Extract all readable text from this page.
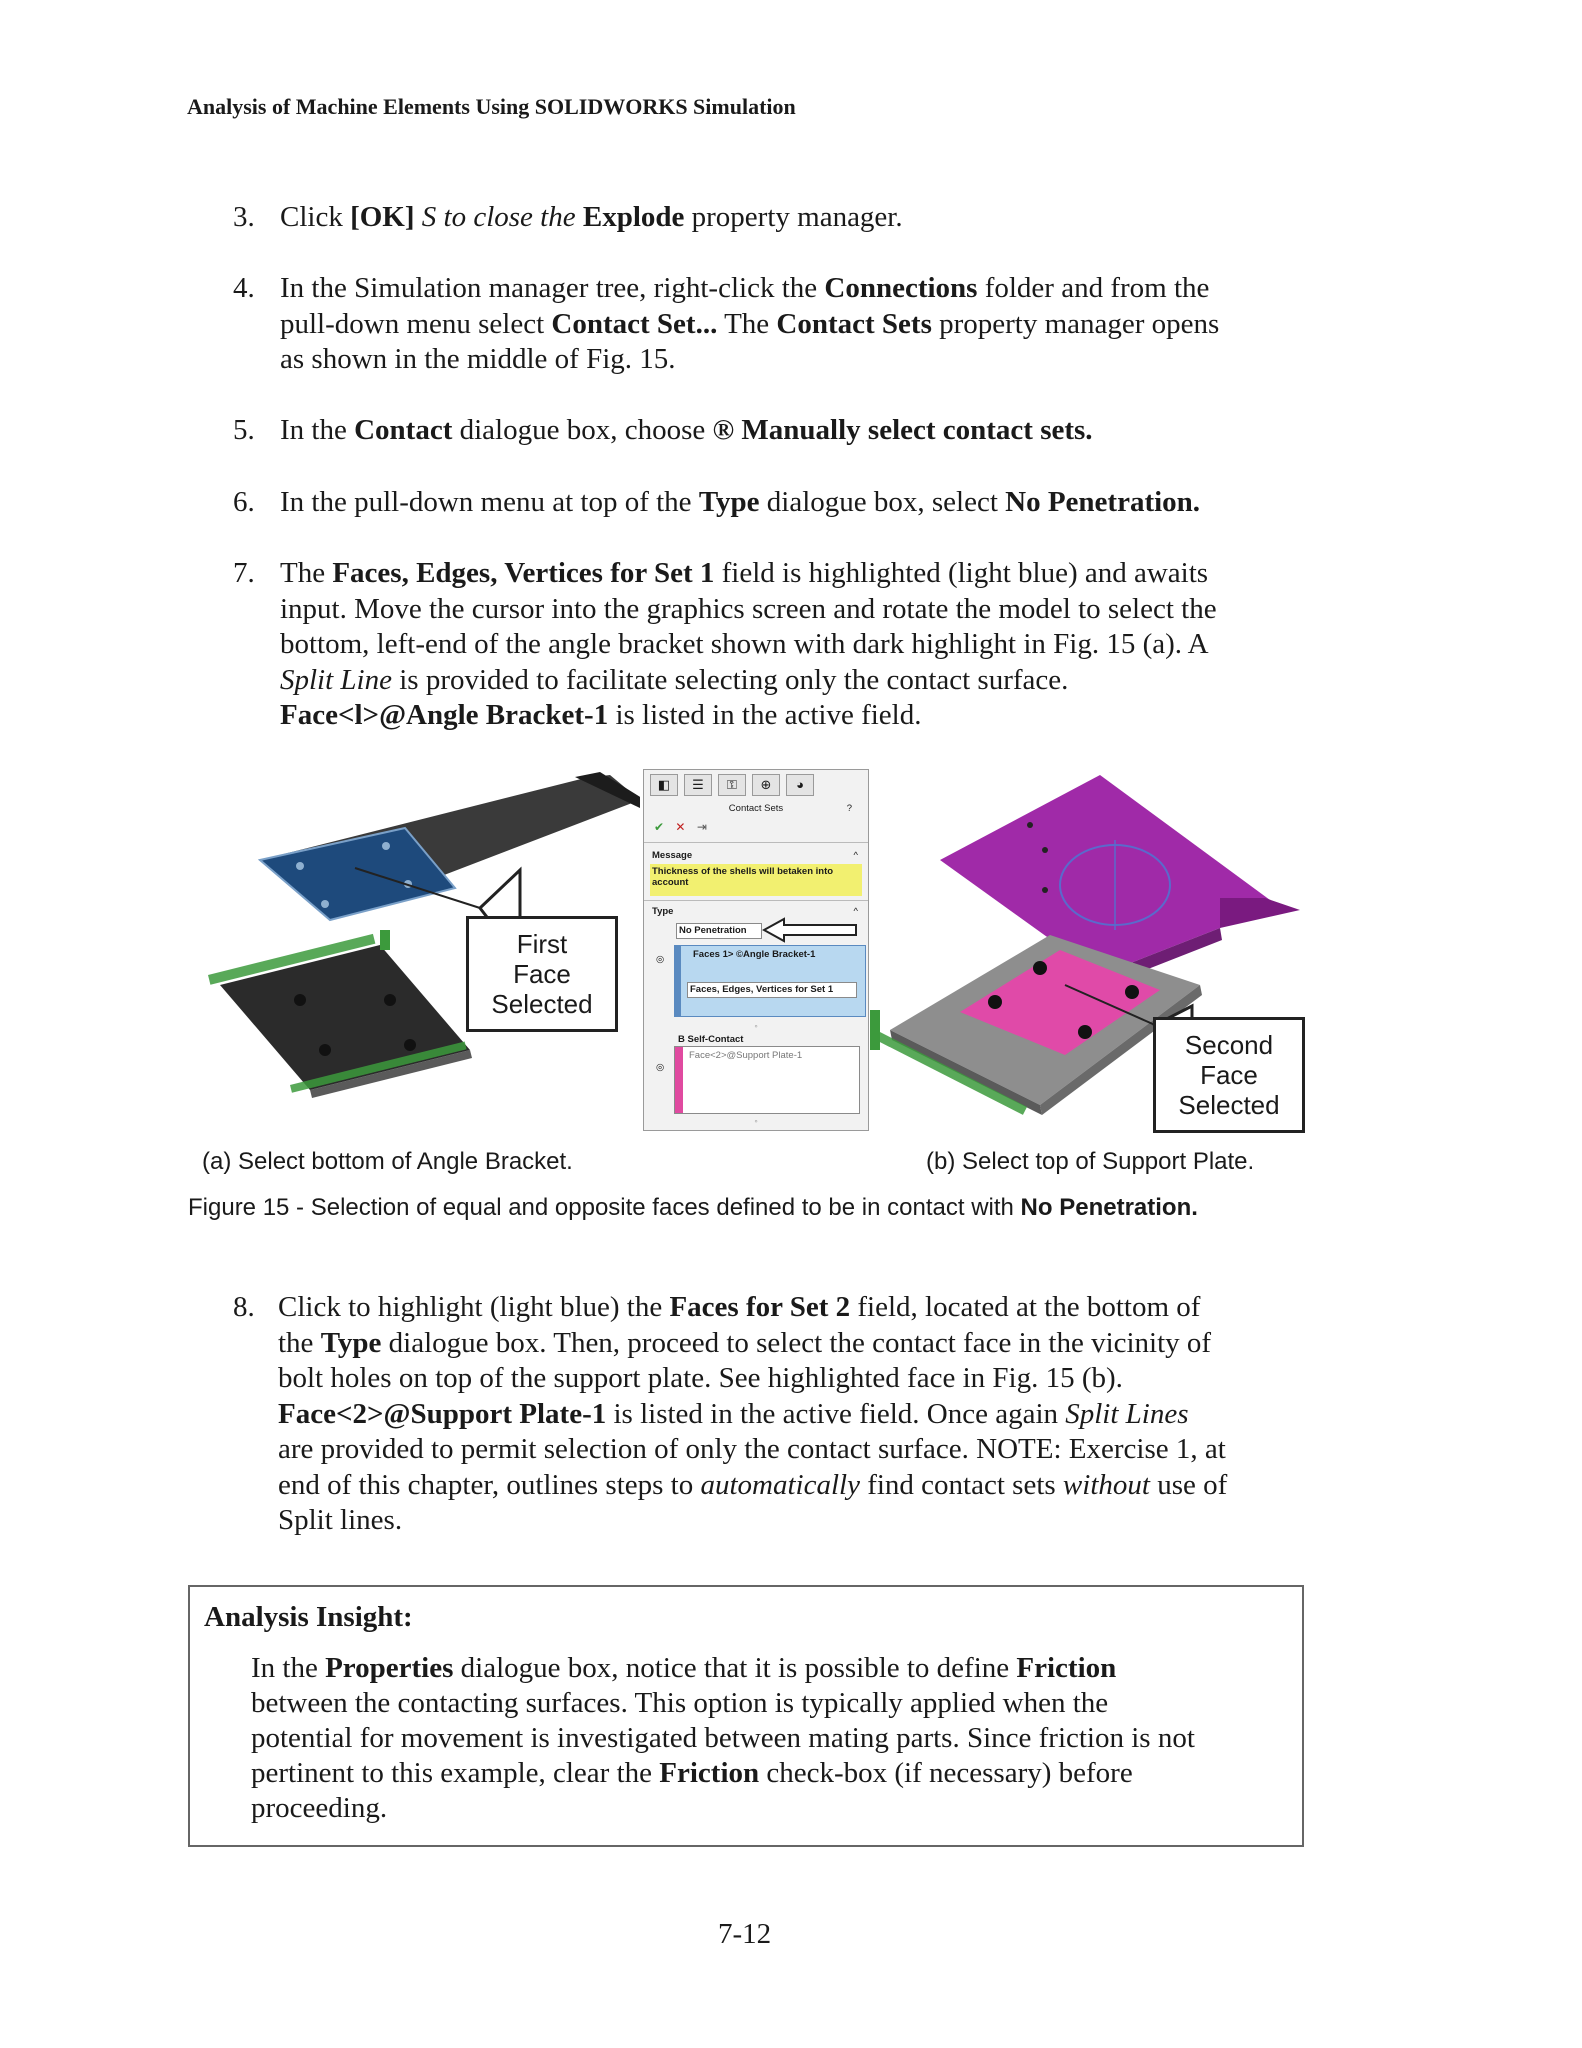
Analysis of Machine Elements Using SOLIDWORKS Simulation
3. Click [OK] S to close the Explode property manager.
4. In the Simulation manager tree, right-click the Connections folder and from the
pull-down menu select Contact Set... The Contact Sets property manager opens
as shown in the middle of Fig. 15.
5. In the Contact dialogue box, choose ® Manually select contact sets.
6. In the pull-down menu at top of the Type dialogue box, select No Penetration.
7. The Faces, Edges, Vertices for Set 1 field is highlighted (light blue) and awaits
input. Move the cursor into the graphics screen and rotate the model to select the
bottom, left-end of the angle bracket shown with dark highlight in Fig. 15 (a). A
Split Line is provided to facilitate selecting only the contact surface.
Face<l>@Angle Bracket-1 is listed in the active field.
First
Face
Selected
◧ ☰ ⚿ ⊕ ◕
Contact Sets	?
✔ ✕ ⇥
Message	^
Thickness of the shells will betaken into account
Type	^
No Penetration
◎	Faces 1> ©Angle Bracket-1
Faces, Edges, Vertices for Set 1
◦
B Self-Contact
◎
Face<2>@Support Plate-1
◦
Second
Face
Selected
(a) Select bottom of Angle Bracket.	(b) Select top of Support Plate.
Figure 15 - Selection of equal and opposite faces defined to be in contact with No Penetration.
8. Click to highlight (light blue) the Faces for Set 2 field, located at the bottom of
the Type dialogue box. Then, proceed to select the contact face in the vicinity of
bolt holes on top of the support plate. See highlighted face in Fig. 15 (b).
Face<2>@Support Plate-1 is listed in the active field. Once again Split Lines
are provided to permit selection of only the contact surface. NOTE: Exercise 1, at
end of this chapter, outlines steps to automatically find contact sets without use of
Split lines.
Analysis Insight:
In the Properties dialogue box, notice that it is possible to define Friction
between the contacting surfaces. This option is typically applied when the
potential for movement is investigated between mating parts. Since friction is not
pertinent to this example, clear the Friction check-box (if necessary) before
proceeding.
7-12
